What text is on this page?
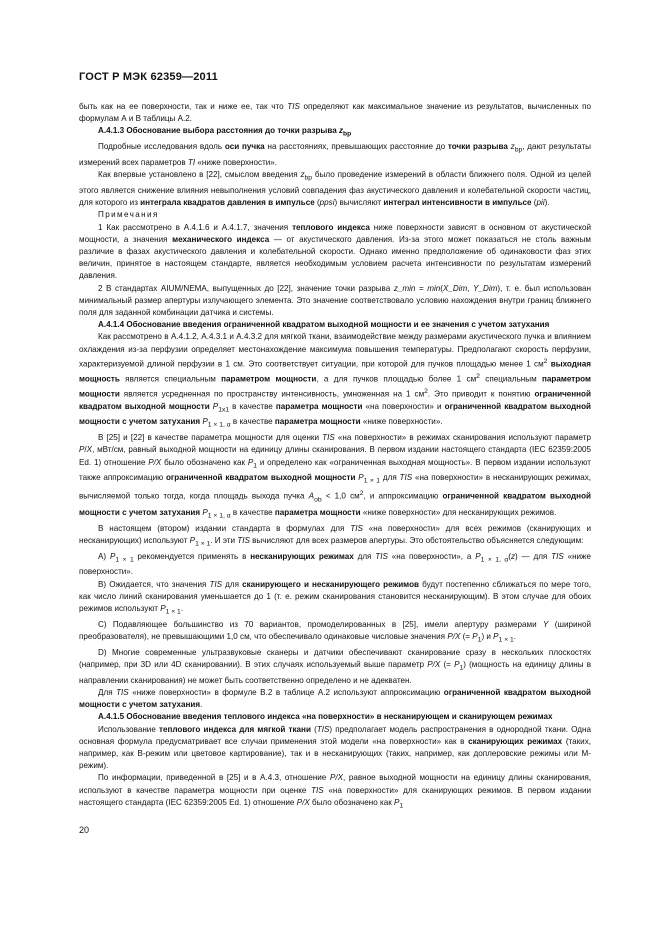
ГОСТ Р МЭК 62359—2011

быть как на ее поверхности, так и ниже ее, так что TIS определяют как максимальное значение из результатов, вычисленных по формулам А и В таблицы А.2.

А.4.1.3 Обоснование выбора расстояния до точки разрыва $z_{bp}$

Подробные исследования вдоль оси пучка на расстояниях, превышающих расстояние до точки разрыва $z_{bp}$, дают результаты измерений всех параметров TI «ниже поверхности».

Как впервые установлено в [22], смыслом введения $z_{bp}$ было проведение измерений в области ближнего поля. Одной из целей этого является снижение влияния невыполнения условий совпадения фаз акустического давления и колебательной скорости частиц, для которого из интеграла квадратов давления в импульсе (ppsi) вычисляют интеграл интенсивности в импульсе (pii).

Примечания

1 Как рассмотрено в А.4.1.6 и А.4.1.7, значения теплового индекса ниже поверхности зависят в основном от акустической мощности, а значения механического индекса — от акустического давления. Из-за этого может показаться не столь важным различие в фазах акустического давления и колебательной скорости. Однако именно предположение об одинаковости фаз этих величин, принятое в настоящем стандарте, является необходимым условием расчета интенсивности по результатам измерений давления.

2 В стандартах AIUM/NEMA, выпущенных до [22], значение точки разрыва z_min = min(X_Dim, Y_Dim), т. е. был использован минимальный размер апертуры излучающего элемента. Это значение соответствовало условию нахождения внутри границ ближнего поля для заданной комбинации датчика и системы.

А.4.1.4 Обоснование введения ограниченной квадратом выходной мощности и ее значения с учетом затухания

Как рассмотрено в А.4.1.2, А.4.3.1 и А.4.3.2 для мягкой ткани, взаимодействие между размерами акустического пучка и влиянием охлаждения из-за перфузии определяет местонахождение максимума повышения температуры. Предполагают скорость перфузии, характеризуемой длиной перфузии в 1 см. Это соответствует ситуации, при которой для пучков площадью менее 1 $см^2$ выходная мощность является специальным параметром мощности, а для пучков площадью более 1 $см^2$ специальным параметром мощности является усредненная по пространству интенсивность, умноженная на 1 $см^2$. Это приводит к понятию ограниченной квадратом выходной мощности $P_{1x1}$ в качестве параметра мощности «на поверхности» и ограниченной квадратом выходной мощности с учетом затухания $P_{1 \times 1, \alpha}$ в качестве параметра мощности «ниже поверхности».

В [25] и [22] в качестве параметра мощности для оценки TIS «на поверхности» в режимах сканирования используют параметр P/X, мВт/см, равный выходной мощности на единицу длины сканирования. В первом издании настоящего стандарта (IEC 62359:2005 Ed. 1) отношение P/X было обозначено как $P_1$ и определено как «ограниченная выходная мощность». В первом издании используют также аппроксимацию ограниченной квадратом выходной мощности $P_{1 \times 1}$ для TIS «на поверхности» в несканирующих режимах, вычисляемой только тогда, когда площадь выхода пучка $A_{ob} < 1,0$ $см^2$, и аппроксимацию ограниченной квадратом выходной мощности с учетом затухания $P_{1 \times 1, \alpha}$ в качестве параметра мощности «ниже поверхности» для несканирующих режимов.

В настоящем (втором) издании стандарта в формулах для TIS «на поверхности» для всех режимов (сканирующих и несканирующих) используют $P_{1 \times 1}$. И эти TIS вычисляют для всех размеров апертуры. Это обстоятельство объясняется следующим:

А) $P_{1 \times 1}$ рекомендуется применять в несканирующих режимах для TIS «на поверхности», а $P_{1 \times 1, \alpha}(z)$ — для TIS «ниже поверхности».

В) Ожидается, что значения TIS для сканирующего и несканирующего режимов будут постепенно сближаться по мере того, как число линий сканирования уменьшается до 1 (т. е. режим сканирования становится несканирующим). В этом случае для обоих режимов используют $P_{1 \times 1}$.

С) Подавляющее большинство из 70 вариантов, промоделированных в [25], имели апертуру размерами Y (шириной преобразователя), не превышающими 1,0 см, что обеспечивало одинаковые числовые значения P/X (= $P_1$) и $P_{1 \times 1}$.

D) Многие современные ультразвуковые сканеры и датчики обеспечивают сканирование сразу в нескольких плоскостях (например, при 3D или 4D сканировании). В этих случаях используемый выше параметр P/X (= $P_1$) (мощность на единицу длины в направлении сканирования) не может быть соответственно определено и не адекватен.

Для TIS «ниже поверхности» в формуле В.2 в таблице А.2 используют аппроксимацию ограниченной квадратом выходной мощности с учетом затухания.

А.4.1.5 Обоснование введения теплового индекса «на поверхности» в несканирующем и сканирующем режимах

Использование теплового индекса для мягкой ткани (TIS) предполагает модель распространения в однородной ткани. Одна основная формула предусматривает все случаи применения этой модели «на поверхности» как в сканирующих режимах (таких, например, как В-режим или цветовое картирование), так и в несканирующих (таких, например, как доплеровские режимы или М-режим).

По информации, приведенной в [25] и в А.4.3, отношение P/X, равное выходной мощности на единицу длины сканирования, используют в качестве параметра мощности при оценке TIS «на поверхности» для сканирующих режимов. В первом издании настоящего стандарта (IEC 62359:2005 Ed. 1) отношение P/X было обозначено как $P_1$

20
